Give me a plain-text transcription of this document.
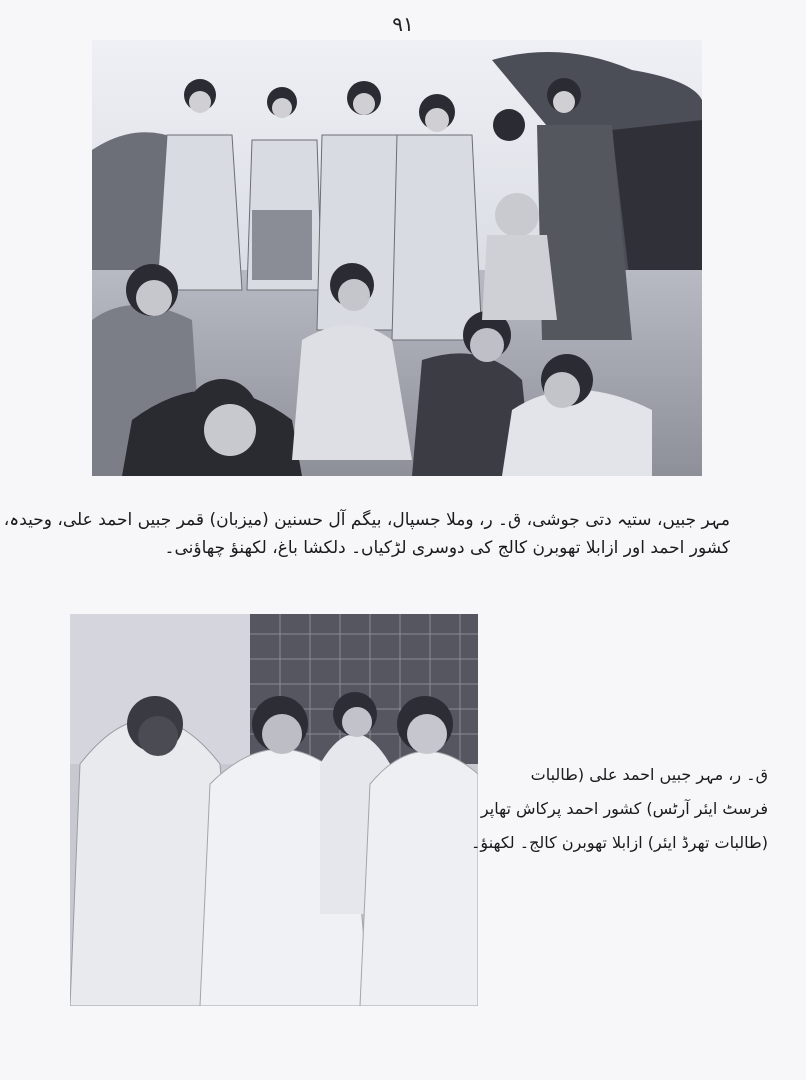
۹۱
مہر جبیں، ستیہ دتی جوشی، ق۔ ر، وملا جسپال، بیگم آل حسنین (میزبان) قمر جبیں احمد علی، وحیدہ،
کشور احمد اور ازابلا تھوبرن کالج کی دوسری لڑکیاں۔ دلکشا باغ، لکھنؤ چھاؤنی۔
ق۔ ر، مہر جبیں احمد علی (طالبات
فرسٹ ایئر آرٹس) کشور احمد پرکاش تھاپر
(طالبات تھرڈ ایئر) ازابلا تھوبرن کالج۔ لکھنؤ۔
